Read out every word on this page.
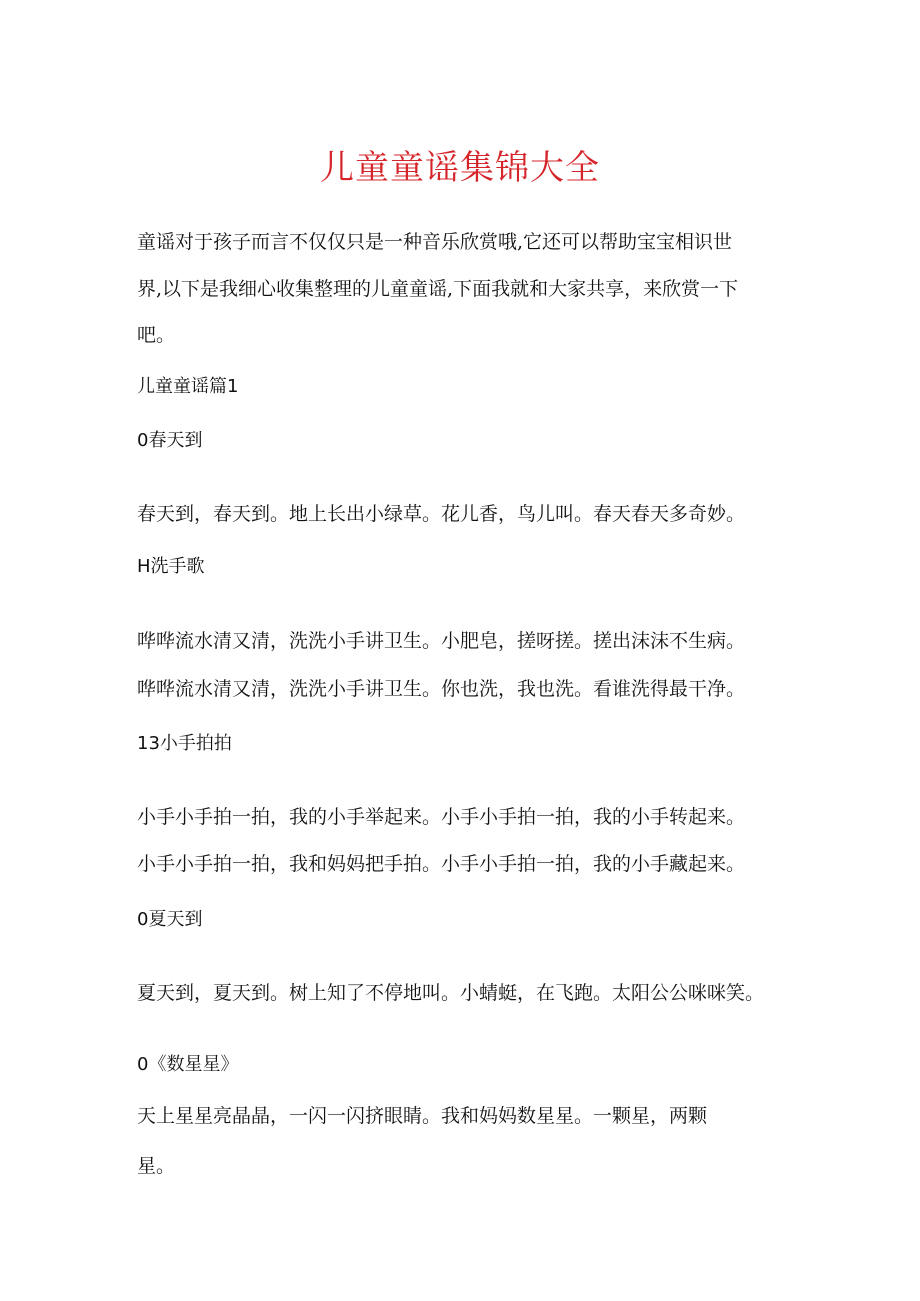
儿童童谣集锦大全
童谣对于孩子而言不仅仅只是一种音乐欣赏哦,它还可以帮助宝宝相识世
界,以下是我细心收集整理的儿童童谣,下面我就和大家共享，来欣赏一下
吧。
儿童童谣篇1
0春天到
春天到，春天到。地上长出小绿草。花儿香，鸟儿叫。春天春天多奇妙。
H洗手歌
哗哗流水清又清，洗洗小手讲卫生。小肥皂，搓呀搓。搓出沫沫不生病。
哗哗流水清又清，洗洗小手讲卫生。你也洗，我也洗。看谁洗得最干净。
13小手拍拍
小手小手拍一拍，我的小手举起来。小手小手拍一拍，我的小手转起来。
小手小手拍一拍，我和妈妈把手拍。小手小手拍一拍，我的小手藏起来。
0夏天到
夏天到，夏天到。树上知了不停地叫。小蜻蜓，在飞跑。太阳公公咪咪笑。
0《数星星》
天上星星亮晶晶，一闪一闪挤眼睛。我和妈妈数星星。一颗星，两颗
星。
